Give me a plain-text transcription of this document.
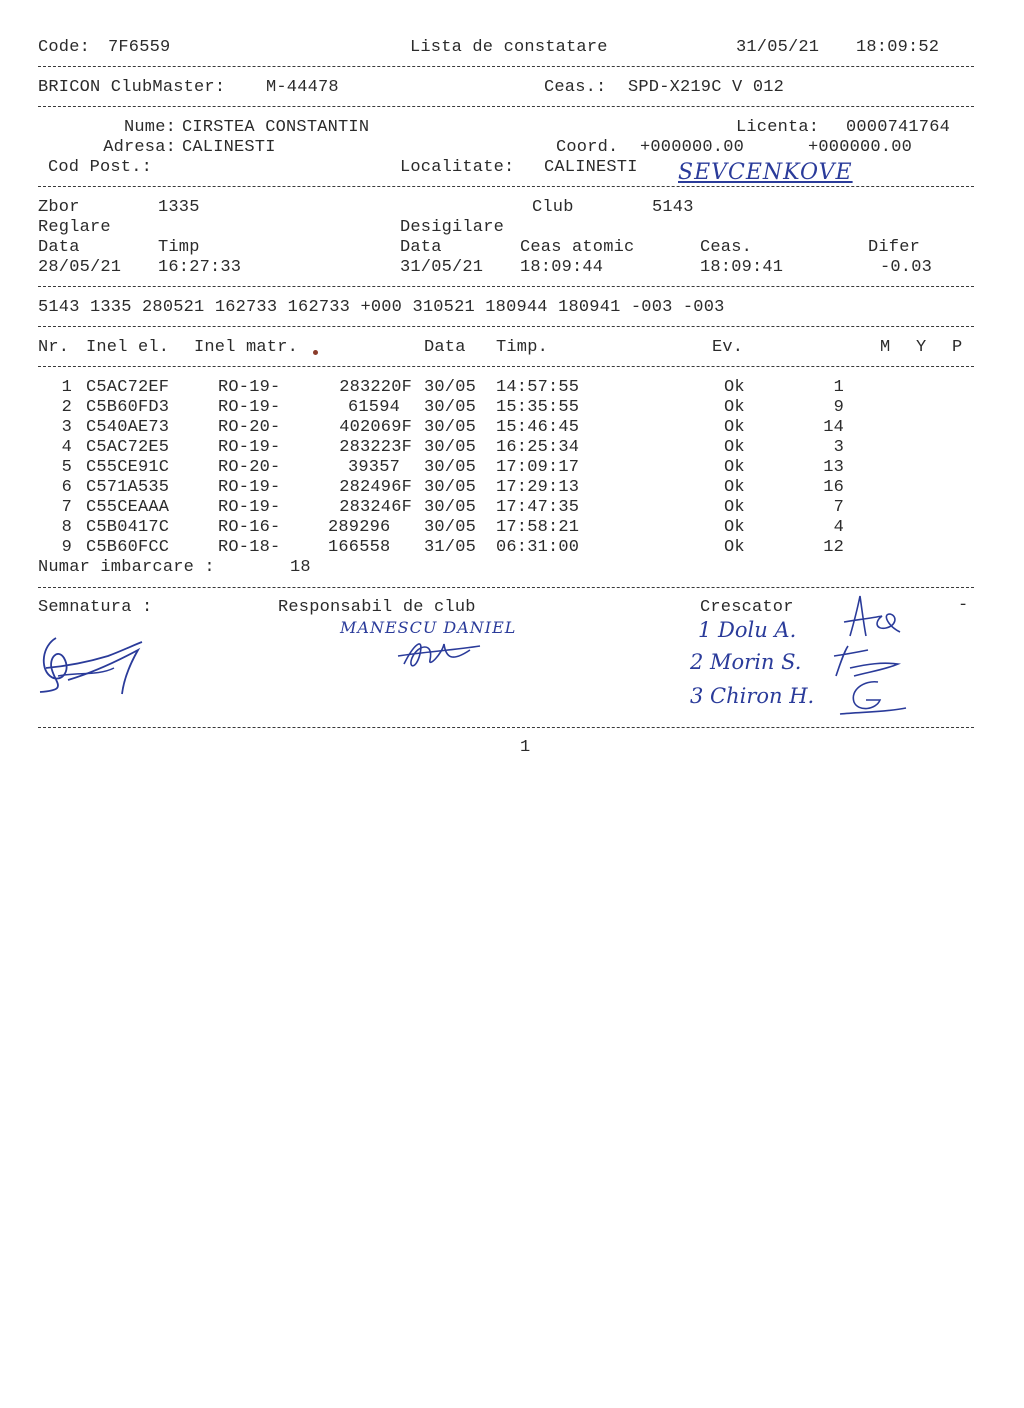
Code: 7F6559	Lista de constatare	31/05/21 18:09:52
BRICON ClubMaster: M-44478	Ceas.: SPD-X219C V 012
Nume: CIRSTEA CONSTANTIN	Licenta: 0000741764
Adresa: CALINESTI	Coord. +000000.00	+000000.00
Cod Post.:	Localitate: CALINESTI SEVCENKOVE
Zbor	1335	Club	5143
Reglare	Desigilare
Data	Timp	Data	Ceas atomic	Ceas.	Difer
28/05/21 16:27:33	31/05/21 18:09:44	18:09:41	-0.03
5143 1335 280521 162733 162733 +000 310521 180944 180941 -003 -003
Nr. Inel el. Inel matr.	Data Timp.	Ev.	M Y P
1 C5AC72EF	RO-19-	283220F 30/05 14:57:55	Ok	1
2 C5B60FD3	RO-19-	61594 30/05 15:35:55	Ok	9
3 C540AE73	RO-20-	402069F 30/05 15:46:45	Ok	14
4 C5AC72E5	RO-19-	283223F 30/05 16:25:34	Ok	3
5 C55CE91C	RO-20-	39357 30/05 17:09:17	Ok	13
6 C571A535	RO-19-	282496F 30/05 17:29:13	Ok	16
7 C55CEAAA	RO-19-	283246F 30/05 17:47:35	Ok	7
8 C5B0417C	RO-16-	289296 30/05 17:58:21	Ok	4
9 C5B60FCC	RO-18-	166558 31/05 06:31:00	Ok	12
Numar imbarcare :	18
Semnatura :	Responsabil de club	Crescator	-
MANESCU DANIEL	1 Dolu A.
2 Morin S.
3 Chiron H.
1
